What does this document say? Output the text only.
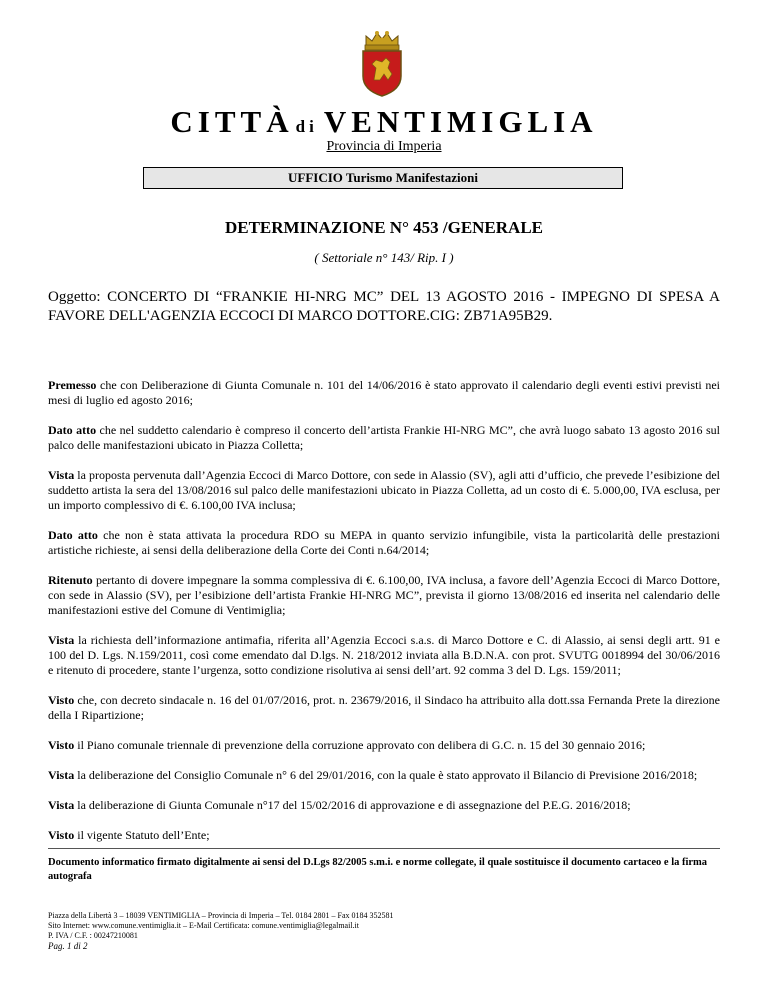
CITTÀ di VENTIMIGLIA
Provincia di Imperia
UFFICIO Turismo Manifestazioni
DETERMINAZIONE N° 453 /GENERALE
( Settoriale n° 143/ Rip. I )
Oggetto: CONCERTO DI “FRANKIE HI-NRG MC” DEL 13 AGOSTO 2016 - IMPEGNO DI SPESA A FAVORE DELL'AGENZIA ECCOCI DI MARCO DOTTORE.CIG: ZB71A95B29.

Premesso che con Deliberazione di Giunta Comunale n. 101 del 14/06/2016 è stato approvato il calendario degli eventi estivi previsti nei mesi di luglio ed agosto 2016;

Dato atto che nel suddetto calendario è compreso il concerto dell’artista Frankie HI-NRG MC”, che avrà luogo sabato 13 agosto 2016 sul palco delle manifestazioni ubicato in Piazza Colletta;

Vista la proposta pervenuta dall’Agenzia Eccoci di Marco Dottore, con sede in Alassio (SV), agli atti d’ufficio, che prevede l’esibizione del suddetto artista la sera del 13/08/2016 sul palco delle manifestazioni ubicato in Piazza Colletta, ad un costo di €. 5.000,00, IVA esclusa, per un importo complessivo di €. 6.100,00 IVA inclusa;

Dato atto che non è stata attivata la procedura RDO su MEPA in quanto servizio infungibile, vista la particolarità delle prestazioni artistiche richieste, ai sensi della deliberazione della Corte dei Conti n.64/2014;

Ritenuto pertanto di dovere impegnare la somma complessiva di €. 6.100,00, IVA inclusa, a favore dell’Agenzia Eccoci di Marco Dottore, con sede in Alassio (SV), per l’esibizione dell’artista Frankie HI-NRG MC”, prevista il giorno 13/08/2016 ed inserita nel calendario delle manifestazioni estive del Comune di Ventimiglia;

Vista la richiesta dell’informazione antimafia, riferita all’Agenzia Eccoci s.a.s. di Marco Dottore e C. di Alassio, ai sensi degli artt. 91 e 100 del D. Lgs. N.159/2011, così come emendato dal D.lgs. N. 218/2012 inviata alla B.D.N.A. con prot. SVUTG 0018994 del 30/06/2016 e ritenuto di procedere, stante l’urgenza, sotto condizione risolutiva ai sensi dell’art. 92 comma 3 del D. Lgs. 159/2011;

Visto che, con decreto sindacale n. 16 del 01/07/2016, prot. n. 23679/2016, il Sindaco ha attribuito alla dott.ssa Fernanda Prete la direzione della I Ripartizione;

Visto il Piano comunale triennale di prevenzione della corruzione approvato con delibera di G.C. n. 15 del 30 gennaio 2016;

Vista la deliberazione del Consiglio Comunale n° 6 del 29/01/2016, con la quale è stato approvato il Bilancio di Previsione 2016/2018;

Vista la deliberazione di Giunta Comunale n°17 del 15/02/2016 di approvazione e di assegnazione del P.E.G. 2016/2018;

Visto il vigente Statuto dell’Ente;

Documento informatico firmato digitalmente ai sensi del D.Lgs 82/2005 s.m.i. e norme collegate, il quale sostituisce il documento cartaceo e la firma autografa
Piazza della Libertà 3 – 18039 VENTIMIGLIA – Provincia di Imperia – Tel. 0184 2801 – Fax 0184 352581
Sito Internet: www.comune.ventimiglia.it – E-Mail Certificata: comune.ventimiglia@legalmail.it
P. IVA / C.F. : 00247210081
Pag. 1 di 2
